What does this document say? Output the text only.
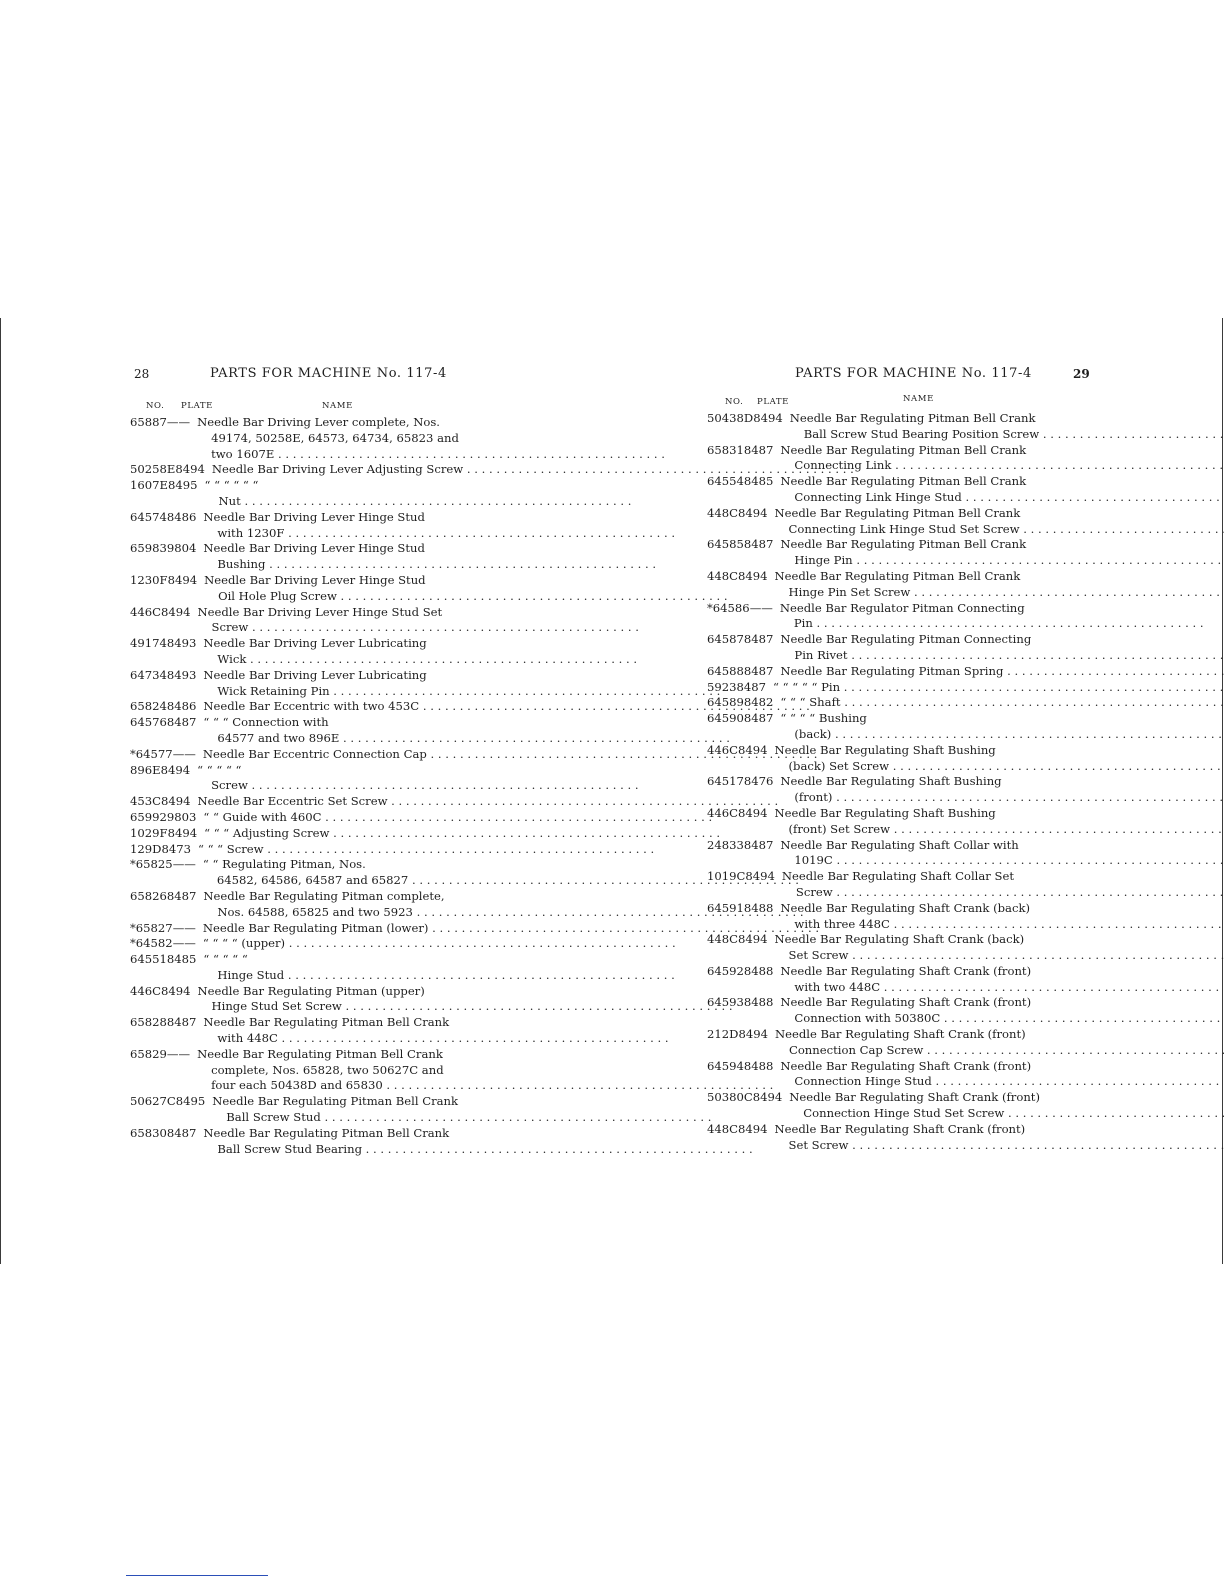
28	PARTS FOR MACHINE No. 117-4
NO. PLATE	NAME
PARTS FOR MACHINE No. 117-4	29
NO. PLATE	NAME
65887 —— Needle Bar Driving Lever complete, Nos.
49174, 50258E, 64573, 64734, 65823 and
two 1607E . . .
50258E 8494 Needle Bar Driving Lever Adjusting Screw . . .
1607E 8495 “ “ “ “ “ “
Nut . . .
64574 8486 Needle Bar Driving Lever Hinge Stud
with 1230F . . .
65983 9804 Needle Bar Driving Lever Hinge Stud
Bushing . . .
1230F 8494 Needle Bar Driving Lever Hinge Stud
Oil Hole Plug Screw . . .
446C 8494 Needle Bar Driving Lever Hinge Stud Set
Screw . . .
49174 8493 Needle Bar Driving Lever Lubricating
Wick . . .
64734 8493 Needle Bar Driving Lever Lubricating
Wick Retaining Pin . . .
65824 8486 Needle Bar Eccentric with two 453C . . .
64576 8487 “ “ “ Connection with
64577 and two 896E . . .
*64577 —— Needle Bar Eccentric Connection Cap . . .
896E 8494 “ “ “ “ “
Screw . . .
453C 8494 Needle Bar Eccentric Set Screw . . .
65992 9803 “ “ Guide with 460C . . .
1029F 8494 “ “ “ Adjusting Screw . . .
129D 8473 “ “ “ Screw . . .
*65825 —— “ “ Regulating Pitman, Nos.
64582, 64586, 64587 and 65827 . . .
65826 8487 Needle Bar Regulating Pitman complete,
Nos. 64588, 65825 and two 5923 . . .
*65827 —— Needle Bar Regulating Pitman (lower) . . .
*64582 —— “ “ “ “ (upper) . . .
64551 8485 “ “ “ “ “
Hinge Stud . . .
446C 8494 Needle Bar Regulating Pitman (upper)
Hinge Stud Set Screw . . .
65828 8487 Needle Bar Regulating Pitman Bell Crank
with 448C . . .
65829 —— Needle Bar Regulating Pitman Bell Crank
complete, Nos. 65828, two 50627C and
four each 50438D and 65830 . . .
50627C 8495 Needle Bar Regulating Pitman Bell Crank
Ball Screw Stud . . .
65830 8487 Needle Bar Regulating Pitman Bell Crank
Ball Screw Stud Bearing . . .
50438D 8494 Needle Bar Regulating Pitman Bell Crank
Ball Screw Stud Bearing Position Screw . . .
65831 8487 Needle Bar Regulating Pitman Bell Crank
Connecting Link . . .
64554 8485 Needle Bar Regulating Pitman Bell Crank
Connecting Link Hinge Stud . . .
448C 8494 Needle Bar Regulating Pitman Bell Crank
Connecting Link Hinge Stud Set Screw . . .
64585 8487 Needle Bar Regulating Pitman Bell Crank
Hinge Pin . . .
448C 8494 Needle Bar Regulating Pitman Bell Crank
Hinge Pin Set Screw . . .
*64586 —— Needle Bar Regulator Pitman Connecting
Pin . . .
64587 8487 Needle Bar Regulating Pitman Connecting
Pin Rivet . . .
64588 8487 Needle Bar Regulating Pitman Spring . . .
5923 8487 “ “ “ “ “ Pin . . .
64589 8482 “ “ “ Shaft . . .
64590 8487 “ “ “ “ Bushing
(back) . . .
446C 8494 Needle Bar Regulating Shaft Bushing
(back) Set Screw . . .
64517 8476 Needle Bar Regulating Shaft Bushing
(front) . . .
446C 8494 Needle Bar Regulating Shaft Bushing
(front) Set Screw . . .
24833 8487 Needle Bar Regulating Shaft Collar with
1019C . . .
1019C 8494 Needle Bar Regulating Shaft Collar Set
Screw . . .
64591 8488 Needle Bar Regulating Shaft Crank (back)
with three 448C . . .
448C 8494 Needle Bar Regulating Shaft Crank (back)
Set Screw . . .
64592 8488 Needle Bar Regulating Shaft Crank (front)
with two 448C . . .
64593 8488 Needle Bar Regulating Shaft Crank (front)
Connection with 50380C . . .
212D 8494 Needle Bar Regulating Shaft Crank (front)
Connection Cap Screw . . .
64594 8488 Needle Bar Regulating Shaft Crank (front)
Connection Hinge Stud . . .
50380C 8494 Needle Bar Regulating Shaft Crank (front)
Connection Hinge Stud Set Screw . . .
448C 8494 Needle Bar Regulating Shaft Crank (front)
Set Screw . . .
